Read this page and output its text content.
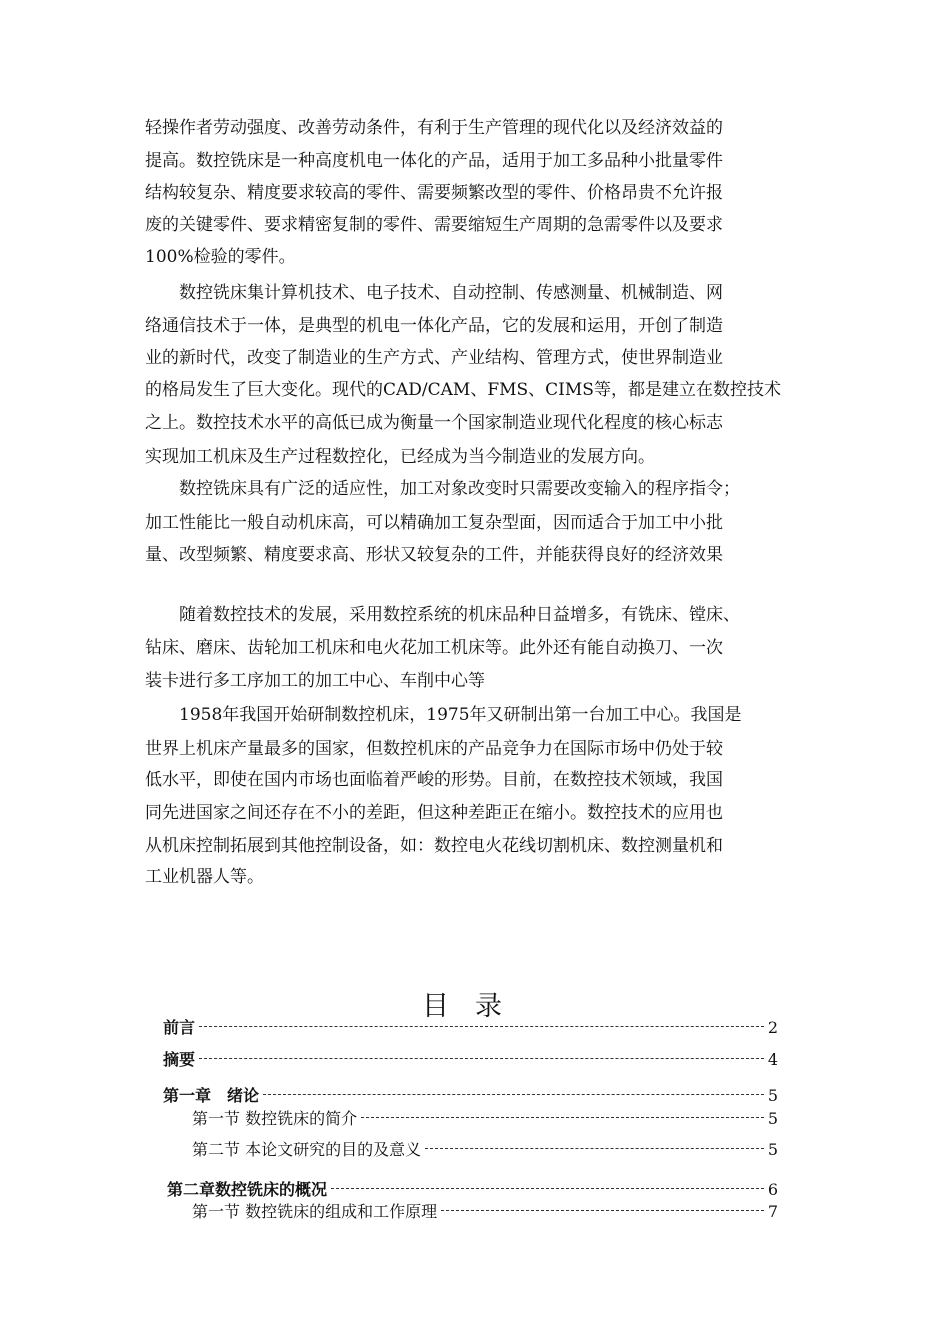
轻操作者劳动强度、改善劳动条件，有利于生产管理的现代化以及经济效益的
提高。数控铣床是一种高度机电一体化的产品，适用于加工多品种小批量零件
结构较复杂、精度要求较高的零件、需要频繁改型的零件、价格昂贵不允许报
废的关键零件、要求精密复制的零件、需要缩短生产周期的急需零件以及要求
100%检验的零件。
　　数控铣床集计算机技术、电子技术、自动控制、传感测量、机械制造、网
络通信技术于一体，是典型的机电一体化产品，它的发展和运用，开创了制造
业的新时代，改变了制造业的生产方式、产业结构、管理方式，使世界制造业
的格局发生了巨大变化。现代的CAD/CAM、FMS、CIMS等，都是建立在数控技术
之上。数控技术水平的高低已成为衡量一个国家制造业现代化程度的核心标志
实现加工机床及生产过程数控化，已经成为当今制造业的发展方向。
　　数控铣床具有广泛的适应性，加工对象改变时只需要改变输入的程序指令；
加工性能比一般自动机床高，可以精确加工复杂型面，因而适合于加工中小批
量、改型频繁、精度要求高、形状又较复杂的工件，并能获得良好的经济效果
　　随着数控技术的发展，采用数控系统的机床品种日益增多，有铣床、镗床、
钻床、磨床、齿轮加工机床和电火花加工机床等。此外还有能自动换刀、一次
装卡进行多工序加工的加工中心、车削中心等
　　1958年我国开始研制数控机床，1975年又研制出第一台加工中心。我国是
世界上机床产量最多的国家，但数控机床的产品竞争力在国际市场中仍处于较
低水平，即使在国内市场也面临着严峻的形势。目前，在数控技术领域，我国
同先进国家之间还存在不小的差距，但这种差距正在缩小。数控技术的应用也
从机床控制拓展到其他控制设备，如：数控电火花线切割机床、数控测量机和
工业机器人等。
目录
前言	2
摘要	4
第一章　绪论	5
第一节 数控铣床的简介	5
第二节 本论文研究的目的及意义	5
第二章数控铣床的概况	6
第一节 数控铣床的组成和工作原理	7
